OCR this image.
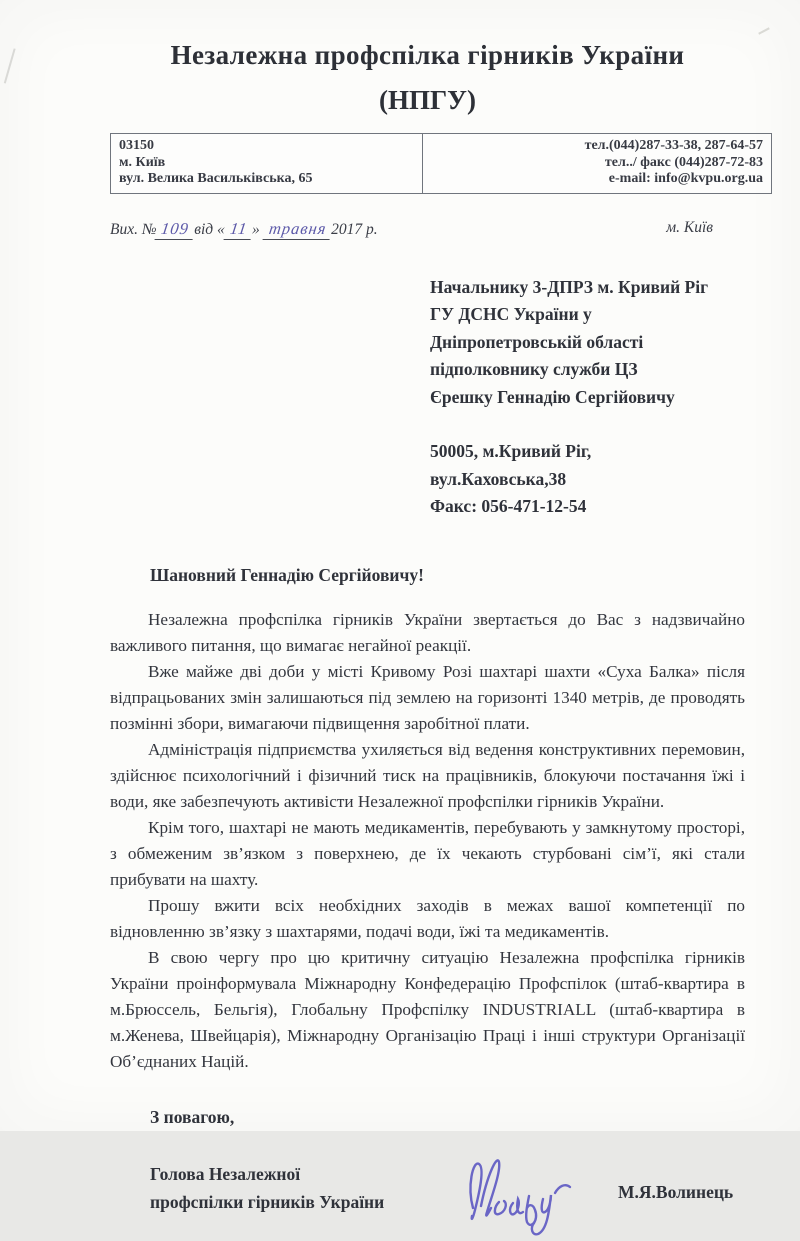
Незалежна профспілка гірників України
(НПГУ)
03150
м. Київ
вул. Велика Васильківська, 65
тел.(044)287-33-38, 287-64-57
тел../ факс (044)287-72-83
e-mail: info@kvpu.org.ua
Вих. № 109 від « 11 » травня 2017 р.	м. Київ
Начальнику 3-ДПРЗ м. Кривий Ріг
ГУ ДСНС України у
Дніпропетровській області
підполковнику служби ЦЗ
Єрешку Геннадію Сергійовичу
50005, м.Кривий Ріг,
вул.Каховська,38
Факс: 056-471-12-54
Шановний Геннадію Сергійовичу!

Незалежна профспілка гірників України звертається до Вас з надзвичайно важливого питання, що вимагає негайної реакції.

Вже майже дві доби у місті Кривому Розі шахтарі шахти «Суха Балка» після відпрацьованих змін залишаються під землею на горизонті 1340 метрів, де проводять позмінні збори, вимагаючи підвищення заробітної плати.

Адміністрація підприємства ухиляється від ведення конструктивних перемовин, здійснює психологічний і фізичний тиск на працівників, блокуючи постачання їжі і води, яке забезпечують активісти Незалежної профспілки гірників України.

Крім того, шахтарі не мають медикаментів, перебувають у замкнутому просторі, з обмеженим зв’язком з поверхнею, де їх чекають стурбовані сім’ї, які стали прибувати на шахту.

Прошу вжити всіх необхідних заходів в межах вашої компетенції по відновленню зв’язку з шахтарями, подачі води, їжі та медикаментів.

В свою чергу про цю критичну ситуацію Незалежна профспілка гірників України проінформувала Міжнародну Конфедерацію Профспілок (штаб-квартира в м.Брюссель, Бельгія), Глобальну Профспілку INDUSTRIALL (штаб-квартира в м.Женева, Швейцарія), Міжнародну Організацію Праці і інші структури Організації Об’єднаних Націй.

З повагою,
Голова Незалежної
профспілки гірників України	М.Я.Волинець
